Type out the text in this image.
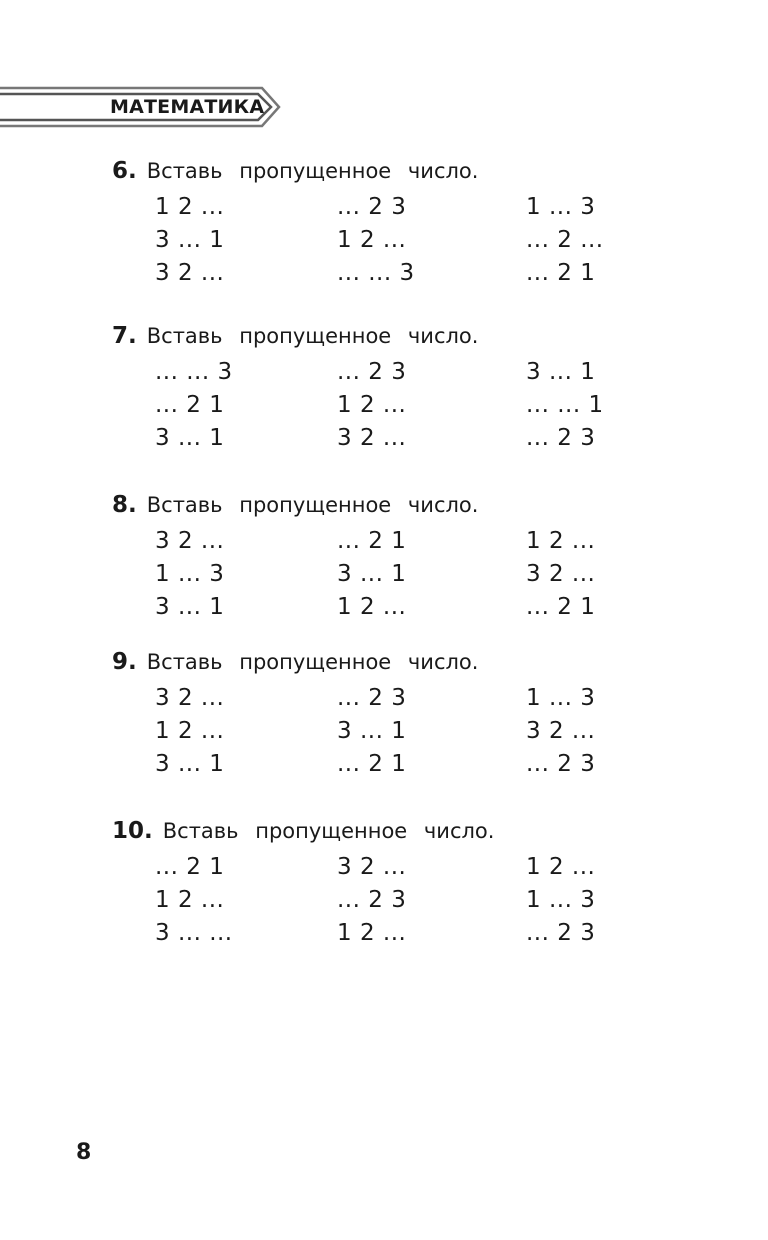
МАТЕМАТИКА
6. Вставь пропущенное число.
1 2 ...	... 2 3	1 ... 3
3 ... 1	1 2 ...	... 2 ...
3 2 ...	... ... 3	... 2 1
7. Вставь пропущенное число.
... ... 3	... 2 3	3 ... 1
... 2 1	1 2 ...	... ... 1
3 ... 1	3 2 ...	... 2 3
8. Вставь пропущенное число.
3 2 ...	... 2 1	1 2 ...
1 ... 3	3 ... 1	3 2 ...
3 ... 1	1 2 ...	... 2 1
9. Вставь пропущенное число.
3 2 ...	... 2 3	1 ... 3
1 2 ...	3 ... 1	3 2 ...
3 ... 1	... 2 1	... 2 3
10. Вставь пропущенное число.
... 2 1	3 2 ...	1 2 ...
1 2 ...	... 2 3	1 ... 3
3 ... ...	1 2 ...	... 2 3
8
